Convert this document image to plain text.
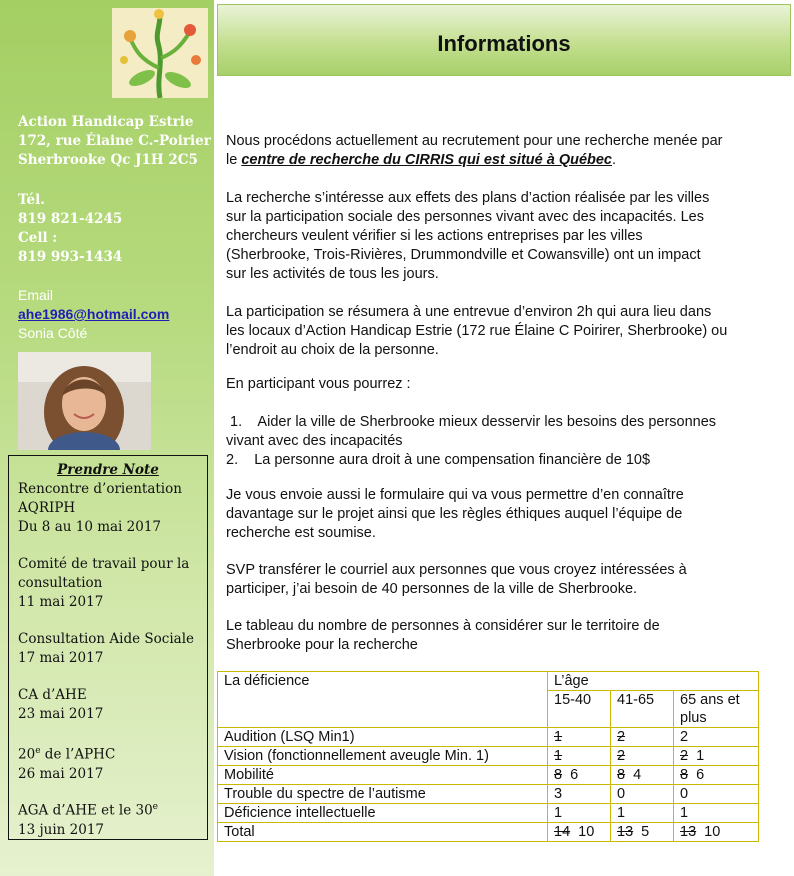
Action Handicap Estrie
172, rue Élaine C.-Poirier
Sherbrooke Qc J1H 2C5
Tél.
819 821-4245
Cell :
819 993-1434
Email
ahe1986@hotmail.com
Sonia Côté
Prendre Note
Rencontre d’orientation
AQRIPH
Du 8 au 10 mai 2017
Comité de travail pour la
consultation
11 mai 2017
Consultation Aide Sociale
17 mai 2017
CA d’AHE
23 mai 2017
20e de l’APHC
26 mai 2017
AGA d’AHE et le 30e
13 juin 2017
Informations

Nous procédons actuellement au recrutement pour une recherche menée par
le centre de recherche du CIRRIS qui est situé à Québec.

La recherche s’intéresse aux effets des plans d’action réalisée par les villes
sur la participation sociale des personnes vivant avec des incapacités. Les
chercheurs veulent vérifier si les actions entreprises par les villes
(Sherbrooke, Trois-Rivières, Drummondville et Cowansville) ont un impact
sur les activités de tous les jours.

La participation se résumera à une entrevue d’environ 2h qui aura lieu dans
les locaux d’Action Handicap Estrie (172 rue Élaine C Poirirer, Sherbrooke) ou
l’endroit au choix de la personne.

En participant vous pourrez :

1.    Aider la ville de Sherbrooke mieux desservir les besoins des personnes
vivant avec des incapacités
2.    La personne aura droit à une compensation financière de 10$

Je vous envoie aussi le formulaire qui va vous permettre d’en connaître
davantage sur le projet ainsi que les règles éthiques auquel l’équipe de
recherche est soumise.

SVP transférer le courriel aux personnes que vous croyez intéressées à
participer, j’ai besoin de 40 personnes de la ville de Sherbrooke.

Le tableau du nombre de personnes à considérer sur le territoire de
Sherbrooke pour la recherche

La déficience	L’âge		
	15-40	41-65	65 ans et
plus
Audition (LSQ Min1)	1	2	2
Vision (fonctionnellement aveugle Min. 1)	1	2	2 1
Mobilité	8 6	8 4	8 6
Trouble du spectre de l’autisme	3	0	0
Déficience intellectuelle	1	1	1
Total	14 10	13 5	13 10
